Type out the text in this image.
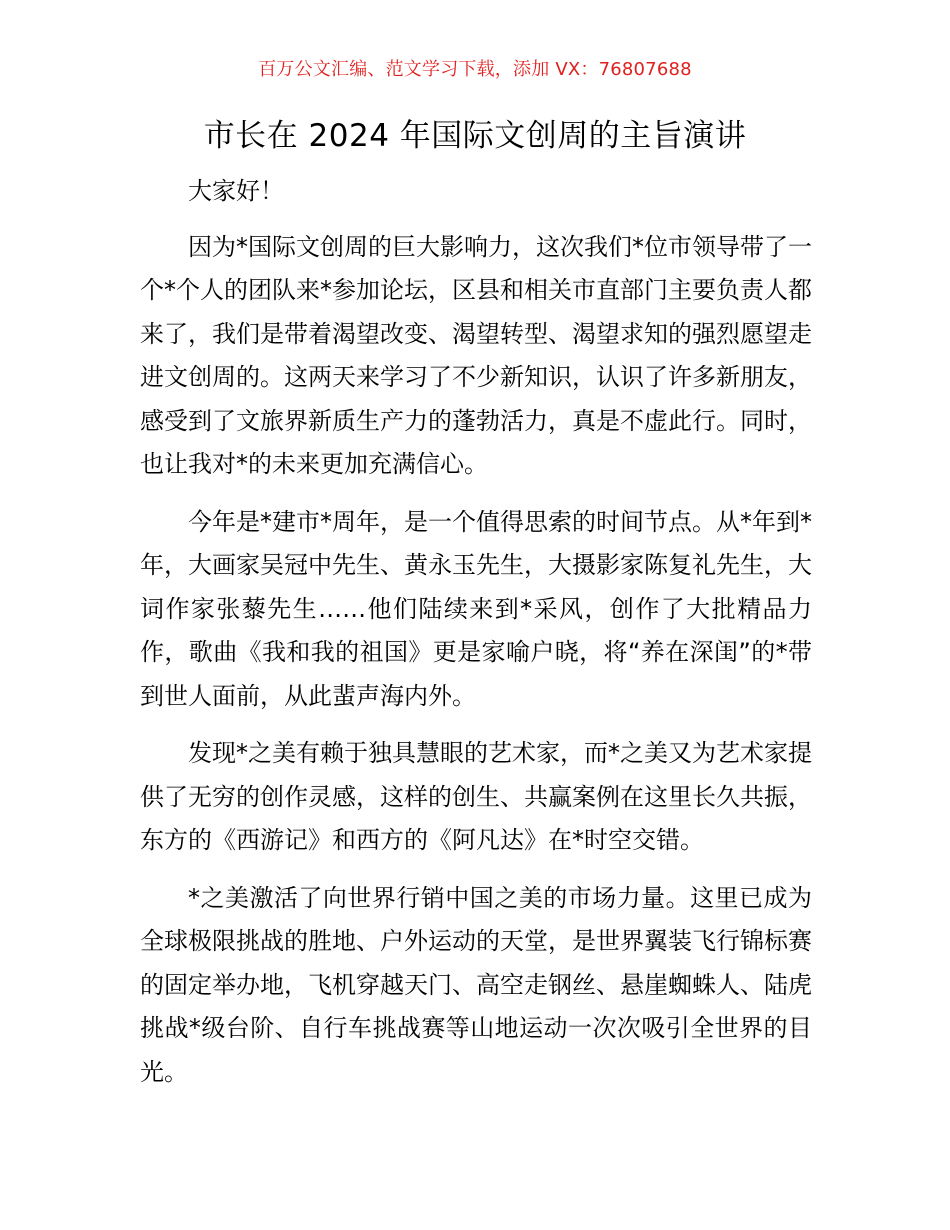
百万公文汇编、范文学习下载，添加 VX：76807688
市长在 2024 年国际文创周的主旨演讲

大家好！

因为*国际文创周的巨大影响力，这次我们*位市领导带了一个*个人的团队来*参加论坛，区县和相关市直部门主要负责人都来了，我们是带着渴望改变、渴望转型、渴望求知的强烈愿望走进文创周的。这两天来学习了不少新知识，认识了许多新朋友，感受到了文旅界新质生产力的蓬勃活力，真是不虚此行。同时，也让我对*的未来更加充满信心。

今年是*建市*周年，是一个值得思索的时间节点。从*年到*年，大画家吴冠中先生、黄永玉先生，大摄影家陈复礼先生，大词作家张藜先生……他们陆续来到*采风，创作了大批精品力作，歌曲《我和我的祖国》更是家喻户晓，将“养在深闺”的*带到世人面前，从此蜚声海内外。

发现*之美有赖于独具慧眼的艺术家，而*之美又为艺术家提供了无穷的创作灵感，这样的创生、共赢案例在这里长久共振，东方的《西游记》和西方的《阿凡达》在*时空交错。

*之美激活了向世界行销中国之美的市场力量。这里已成为全球极限挑战的胜地、户外运动的天堂，是世界翼装飞行锦标赛的固定举办地，飞机穿越天门、高空走钢丝、悬崖蜘蛛人、陆虎挑战*级台阶、自行车挑战赛等山地运动一次次吸引全世界的目光。
